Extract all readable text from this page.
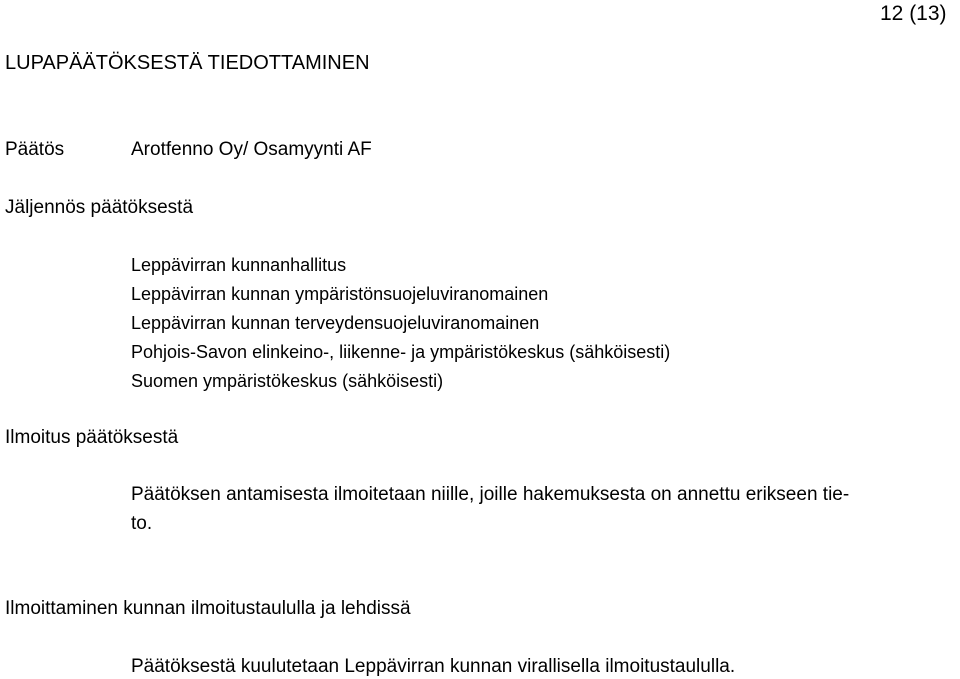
12 (13)
LUPAPÄÄTÖKSESTÄ TIEDOTTAMINEN
Päätös	Arotfenno Oy/ Osamyynti AF
Jäljennös päätöksestä
Leppävirran kunnanhallitus
Leppävirran kunnan ympäristönsuojeluviranomainen
Leppävirran kunnan terveydensuojeluviranomainen
Pohjois-Savon elinkeino-, liikenne- ja ympäristökeskus (sähköisesti)
Suomen ympäristökeskus (sähköisesti)
Ilmoitus päätöksestä
Päätöksen antamisesta ilmoitetaan niille, joille hakemuksesta on annettu erikseen tie-
to.
Ilmoittaminen kunnan ilmoitustaululla ja lehdissä
Päätöksestä kuulutetaan Leppävirran kunnan virallisella ilmoitustaululla.
